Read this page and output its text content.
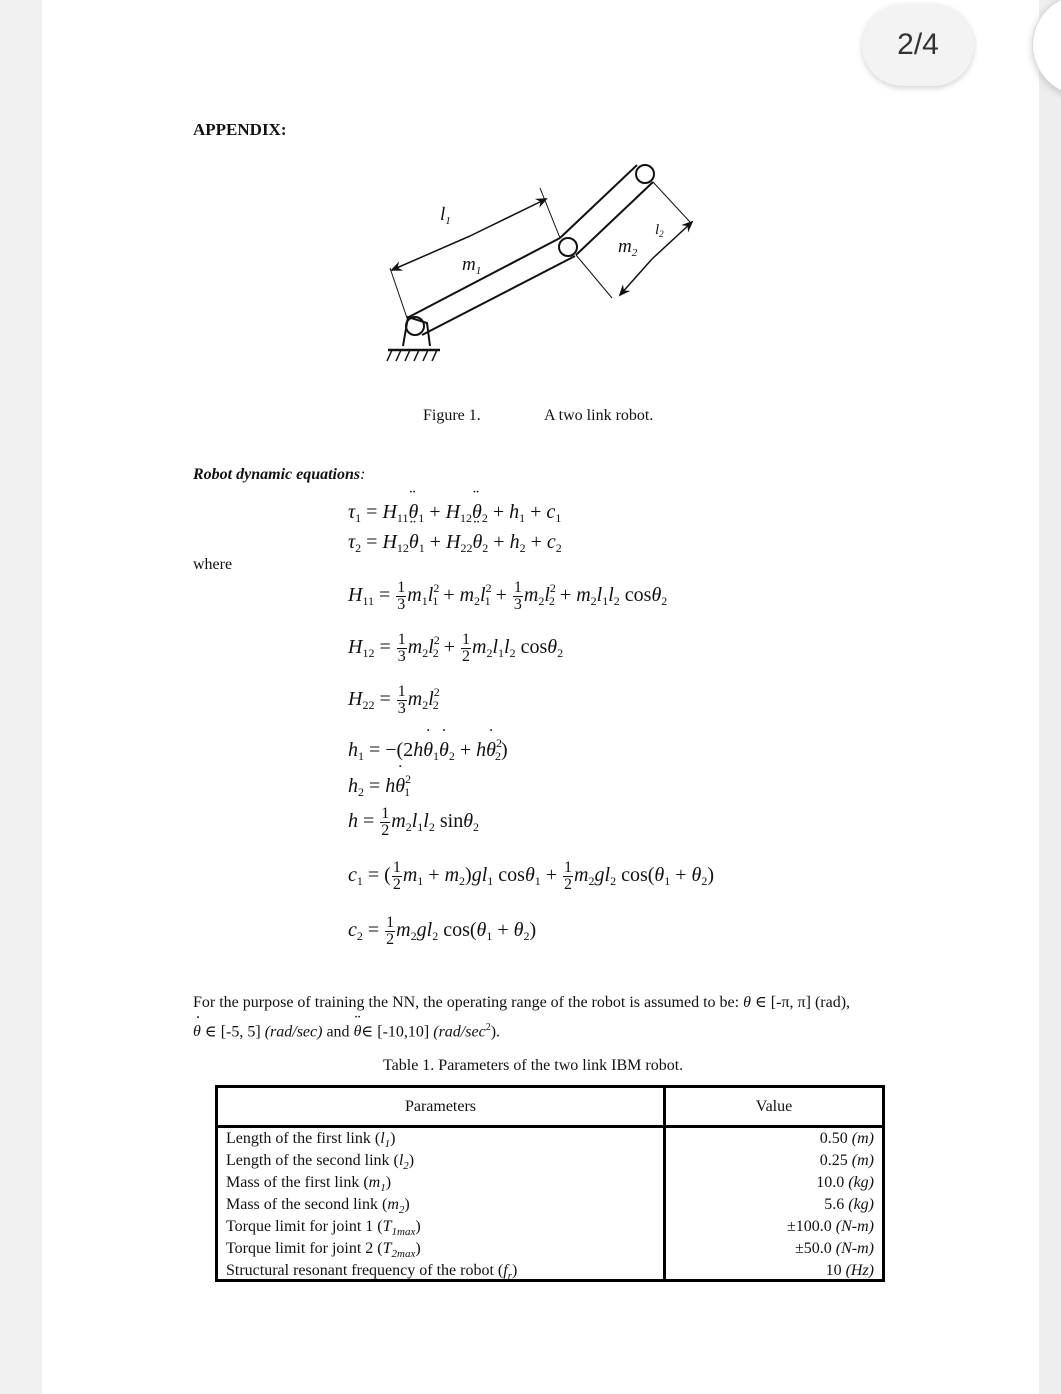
2/4
APPENDIX:
$l_1$
$m_1$
$m_2$
$l_2$
Figure 1.	A two link robot.
Robot dynamic equations:
$\tau_1$ = $H_{11}¨$ $\theta_1$ + $H_{12}¨$ $\theta_2 + h_1 + c_1$
$\tau_2$ = $H_{12}¨$ $\theta_1$ + $H_{22}¨$ $\theta_2 + h_2 + c_2$
where
$H_{11} = \frac{1}{3} m_1l^2_1 + m_2l^2_1 + \frac{1}{3} m_2l^2_2 + m_2l_1l_2$ cosθ$_2$
$H_{12} = \frac{1}{3} m_2l^2_2 + \frac{1}{2} m_2l_1l_2$ cosθ$_2$
$H_{22} = \frac{1}{3} m_2l^2_2$
$h_1$ = −(2h˙ $\theta_1˙$ $\theta_2$ + h˙ $\theta^2_2$)
$h_2$ = h˙ $\theta^2_1$
$h = \frac{1}{2} m_2l_1l_2$ sinθ$_2$
$c_1$ = ( $\frac{1}{2} m_1 + m_2)gl_1$ $\cos\theta_1 + \frac{1}{2} m_2gl_2$ $\cos(\theta_1 + \theta_2)$
$c_2 = \frac{1}{2} m_2gl_2$ $\cos(\theta_1 + \theta_2)$
For the purpose of training the NN, the operating range of the robot is assumed to be: θ ∈ [-π, π] (rad),
˙ θ ∈ [-5, 5] (rad/sec) and ¨ θ∈ [-10,10] $(rad/\sec^2)$.
Table 1. Parameters of the two link IBM robot.
Parameters	Value
Length of the first link $(l_1)$
Length of the second link $(l_2)$
Mass of the first link $(m_1)$
Mass of the second link $(m_2)$
Torque limit for joint 1 $(T_{1max})$
Torque limit for joint 2 $(T_{2max})$
Structural resonant frequency of the robot $(f_r)$
0.50 (m)
0.25 (m)
10.0 (kg)
5.6 (kg)
±100.0 (N-m)
±50.0 (N-m)
10 (Hz)
